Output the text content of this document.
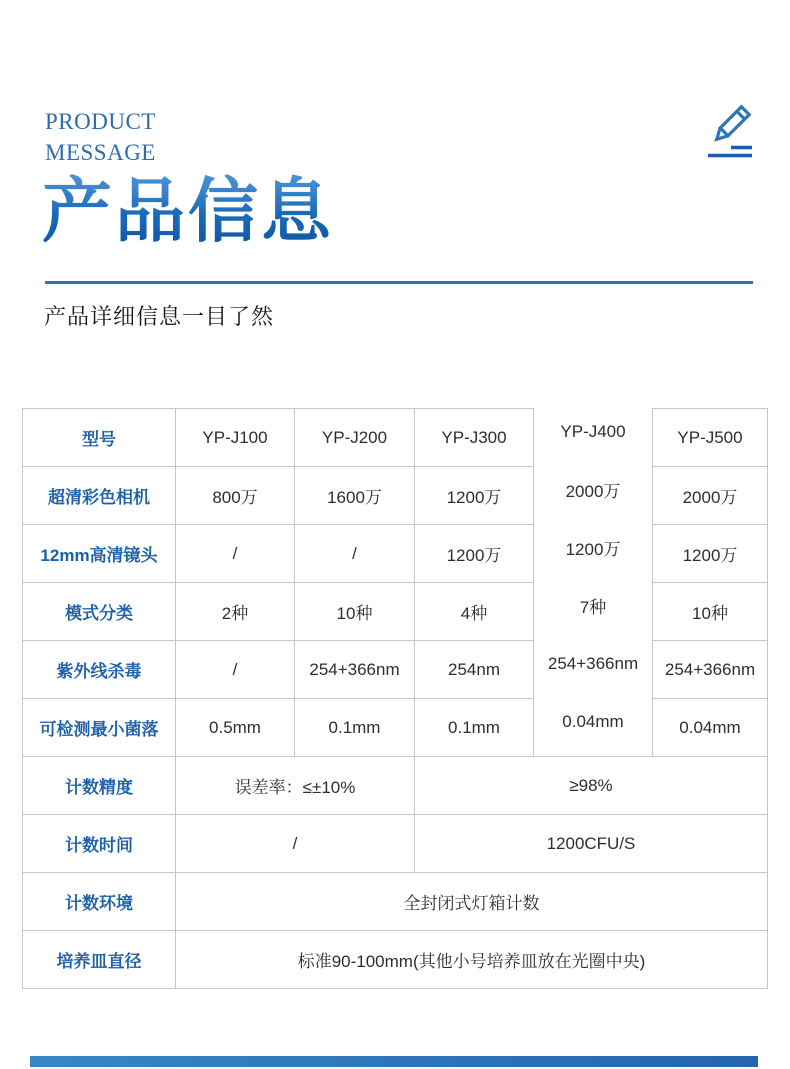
PRODUCT
MESSAGE
产品信息
产品详细信息一目了然
型号	YP-J100	YP-J200	YP-J300	YP-J400	YP-J500
超清彩色相机	800万	1600万	1200万	2000万	2000万
12mm高清镜头	/	/	1200万	1200万	1200万
模式分类	2种	10种	4种	7种	10种
紫外线杀毒	/	254+366nm	254nm	254+366nm	254+366nm
可检测最小菌落	0.5mm	0.1mm	0.1mm	0.04mm	0.04mm
计数精度	误差率：≤±10%		≥98%		
计数时间	/		1200CFU/S		
计数环境	全封闭式灯箱计数				
培养皿直径	标准90-100mm(其他小号培养皿放在光圈中央)				
